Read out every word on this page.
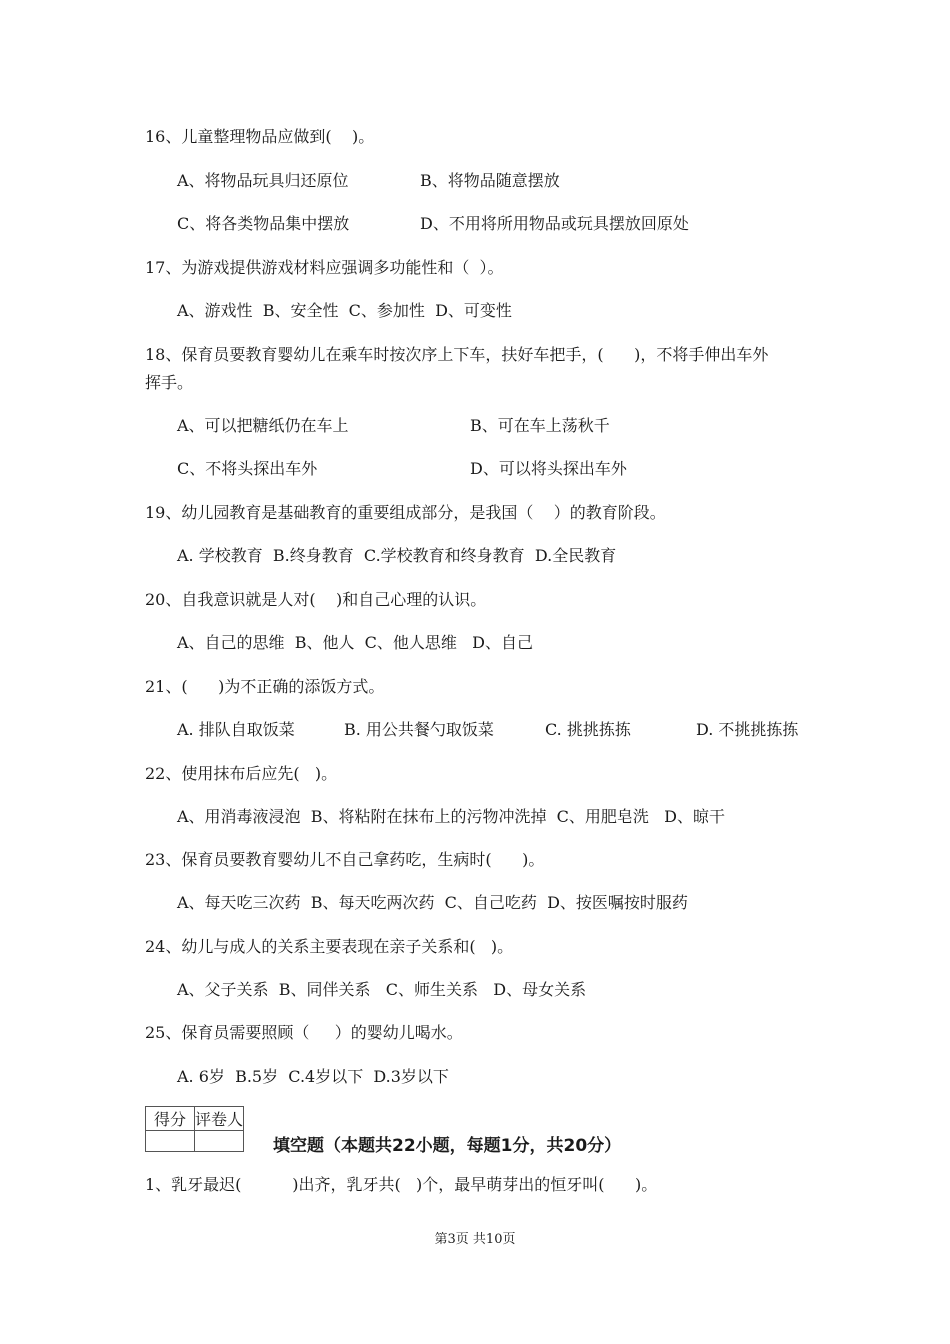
16、儿童整理物品应做到(    )。
A、将物品玩具归还原位	B、将物品随意摆放
C、将各类物品集中摆放	D、不用将所用物品或玩具摆放回原处
17、为游戏提供游戏材料应强调多功能性和（  ）。
A、游戏性  B、安全性  C、参加性  D、可变性
18、保育员要教育婴幼儿在乘车时按次序上下车，扶好车把手，(      )，不将手伸出车外
挥手。
A、可以把糖纸仍在车上	B、可在车上荡秋千
C、不将头探出车外	D、可以将头探出车外
19、幼儿园教育是基础教育的重要组成部分，是我国（    ）的教育阶段。
A. 学校教育  B.终身教育  C.学校教育和终身教育  D.全民教育
20、自我意识就是人对(    )和自己心理的认识。
A、自己的思维  B、他人  C、他人思维   D、自己
21、(      )为不正确的添饭方式。
A. 排队自取饭菜	B. 用公共餐勺取饭菜	C. 挑挑拣拣	D. 不挑挑拣拣
22、使用抹布后应先(   )。
A、用消毒液浸泡  B、将粘附在抹布上的污物冲洗掉  C、用肥皂洗   D、晾干
23、保育员要教育婴幼儿不自己拿药吃，生病时(      )。
A、每天吃三次药  B、每天吃两次药  C、自己吃药  D、按医嘱按时服药
24、幼儿与成人的关系主要表现在亲子关系和(   )。
A、父子关系  B、同伴关系   C、师生关系   D、母女关系
25、保育员需要照顾（     ）的婴幼儿喝水。
A. 6岁  B.5岁  C.4岁以下  D.3岁以下
得分	评卷人

填空题（本题共22小题，每题1分，共20分）
1、乳牙最迟(          )出齐，乳牙共(   )个，最早萌芽出的恒牙叫(      )。
第3页 共10页
